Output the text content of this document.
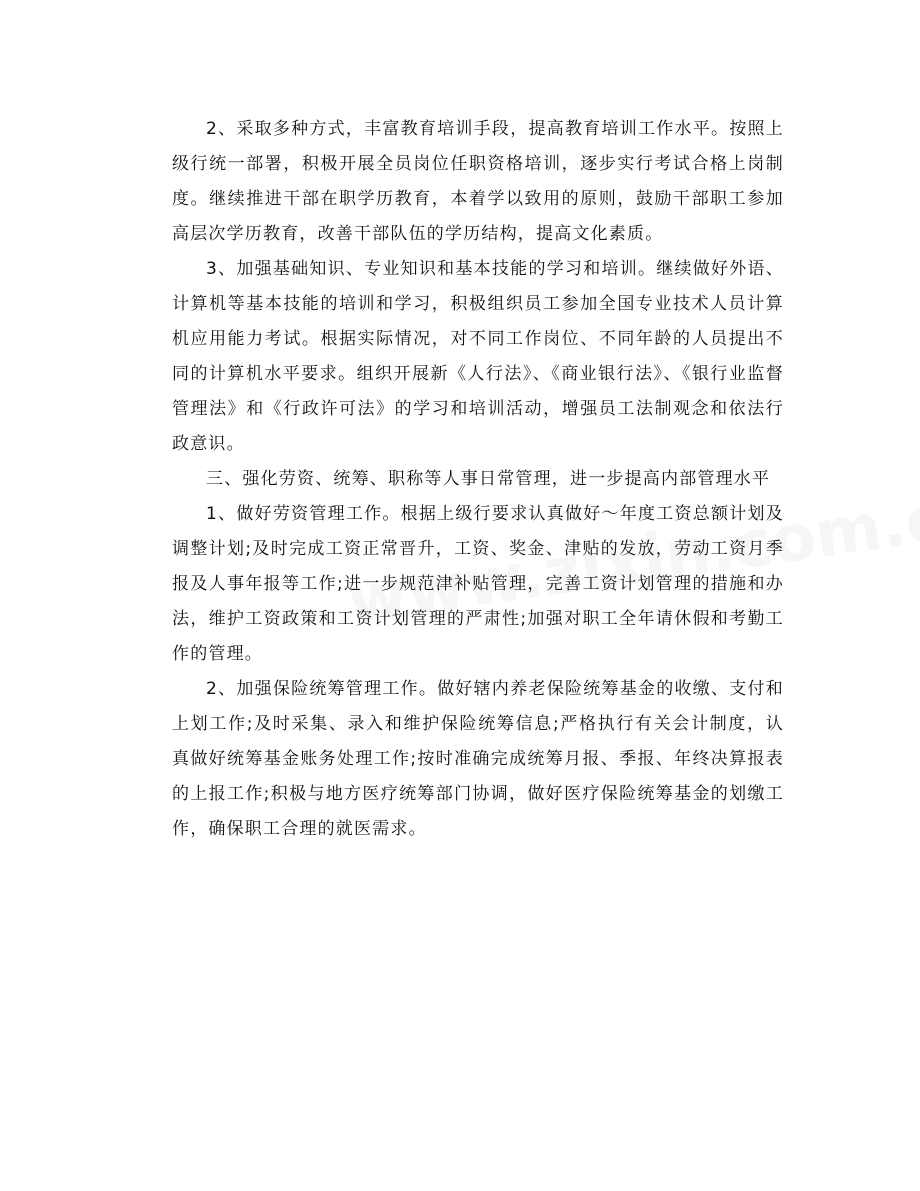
2、采取多种方式，丰富教育培训手段，提高教育培训工作水平。按照上级行统一部署，积极开展全员岗位任职资格培训，逐步实行考试合格上岗制度。继续推进干部在职学历教育，本着学以致用的原则，鼓励干部职工参加高层次学历教育，改善干部队伍的学历结构，提高文化素质。

3、加强基础知识、专业知识和基本技能的学习和培训。继续做好外语、计算机等基本技能的培训和学习，积极组织员工参加全国专业技术人员计算机应用能力考试。根据实际情况，对不同工作岗位、不同年龄的人员提出不同的计算机水平要求。组织开展新《人行法》、《商业银行法》、《银行业监督管理法》和《行政许可法》的学习和培训活动，增强员工法制观念和依法行政意识。

三、强化劳资、统筹、职称等人事日常管理，进一步提高内部管理水平

1、做好劳资管理工作。根据上级行要求认真做好～年度工资总额计划及调整计划;及时完成工资正常晋升，工资、奖金、津贴的发放，劳动工资月季报及人事年报等工作;进一步规范津补贴管理，完善工资计划管理的措施和办法，维护工资政策和工资计划管理的严肃性;加强对职工全年请休假和考勤工作的管理。

2、加强保险统筹管理工作。做好辖内养老保险统筹基金的收缴、支付和上划工作;及时采集、录入和维护保险统筹信息;严格执行有关会计制度，认真做好统筹基金账务处理工作;按时准确完成统筹月报、季报、年终决算报表的上报工作;积极与地方医疗统筹部门协调，做好医疗保险统筹基金的划缴工作，确保职工合理的就医需求。
